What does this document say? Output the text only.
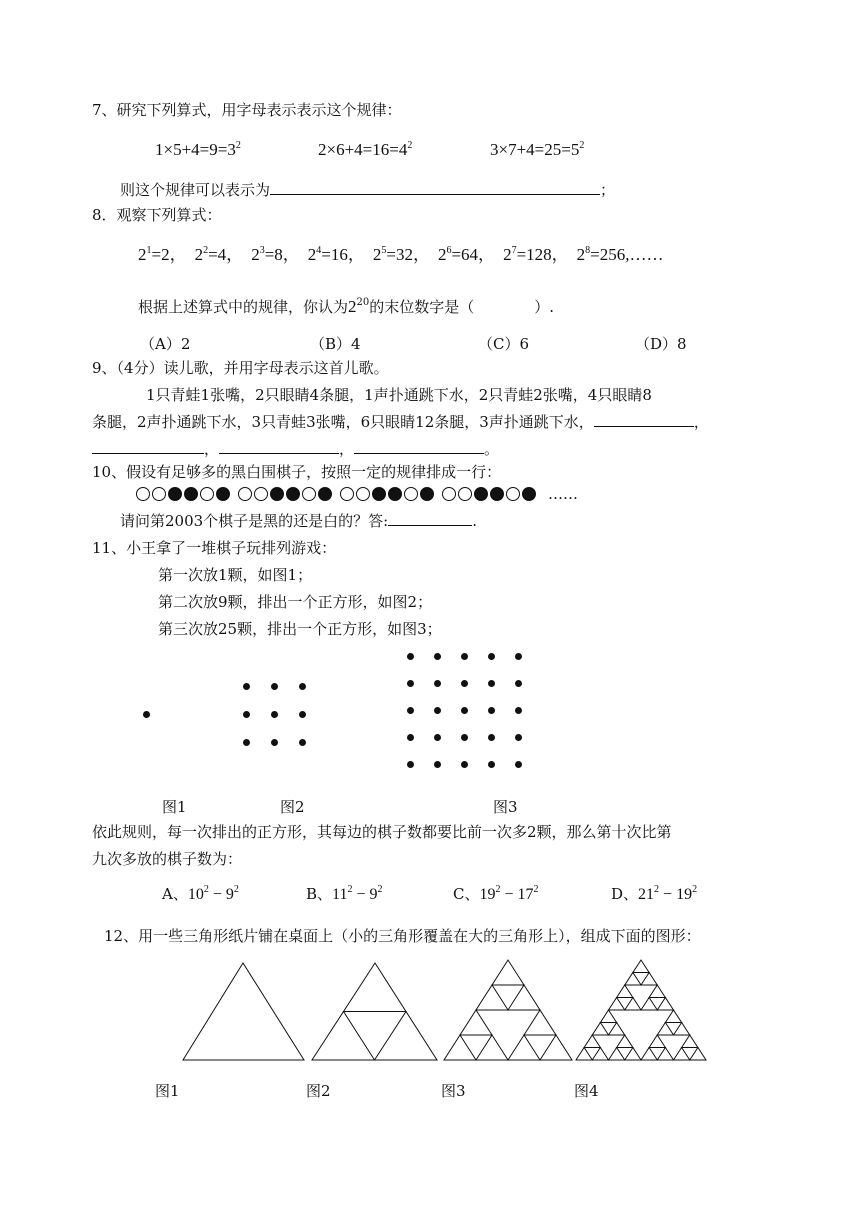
7、研究下列算式，用字母表示表示这个规律：
$1\times 5+4=9=3^2$	$2\times 6+4=16=4^2$	$3\times 7+4=25=5^2$
则这个规律可以表示为	；
8．观察下列算式：
$2^1=2$， $2^2=4$， $2^3=8$， $2^4=16$， $2^5=32$， $2^6=64$， $2^7=128$， $2^8=256,\dots\dots$
根据上述算式中的规律，你认为$2^{20}$的末位数字是（　　　　）.
（A）2	（B）4	（C）6	（D）8
9、（4分）读儿歌，并用字母表示这首儿歌。
1只青蛙1张嘴，2只眼睛4条腿，1声扑通跳下水，2只青蛙2张嘴，4只眼睛8
条腿，2声扑通跳下水，3只青蛙3张嘴，6只眼睛12条腿，3声扑通跳下水，	，
，	，	。
10、假设有足够多的黑白围棋子，按照一定的规律排成一行：
……
请问第2003个棋子是黑的还是白的？答:	.
11、小王拿了一堆棋子玩排列游戏：
第一次放1颗，如图1；
第二次放9颗，排出一个正方形，如图2；
第三次放25颗，排出一个正方形，如图3；
图1	图2	图3
依此规则，每一次排出的正方形，其每边的棋子数都要比前一次多2颗，那么第十次比第
九次多放的棋子数为：
A、$10^2 - 9^2$	B、$11^2 - 9^2$	C、$19^2 - 17^2$	D、$21^2 - 19^2$
12、用一些三角形纸片铺在桌面上（小的三角形覆盖在大的三角形上），组成下面的图形：
图1	图2	图3	图4
